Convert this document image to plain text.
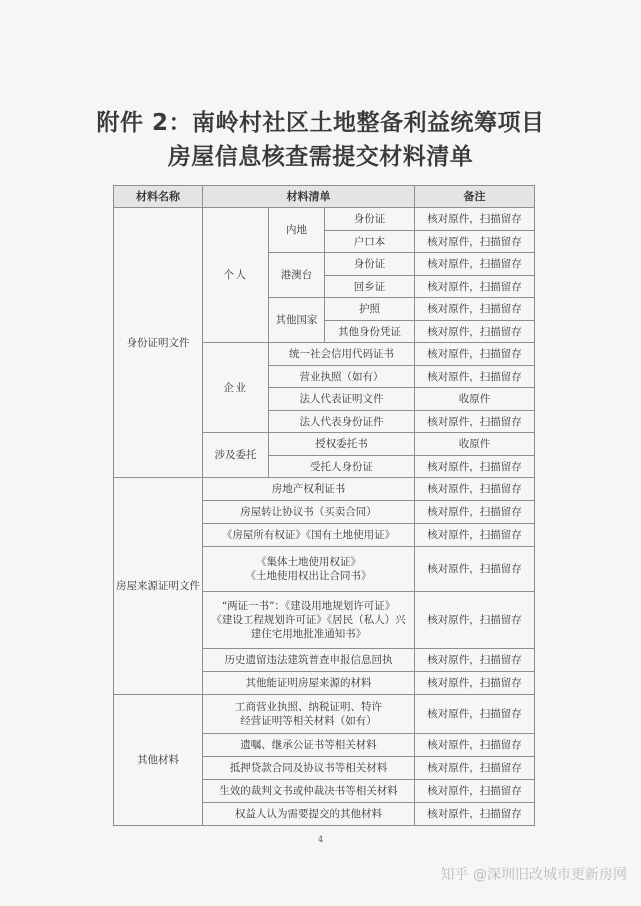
附件 2：南岭村社区土地整备利益统筹项目
房屋信息核查需提交材料清单
材料名称	材料清单			备注
身份证明文件	个人	内地	身份证	核对原件，扫描留存
			户口本	核对原件，扫描留存
		港澳台	身份证	核对原件，扫描留存
			回乡证	核对原件，扫描留存
		其他国家	护照	核对原件，扫描留存
			其他身份凭证	核对原件，扫描留存
	企业	统一社会信用代码证书		核对原件，扫描留存
		营业执照（如有）		核对原件，扫描留存
		法人代表证明文件		收原件
		法人代表身份证件		核对原件，扫描留存
	涉及委托	授权委托书		收原件
		受托人身份证		核对原件，扫描留存
房屋来源证明文件	房地产权利证书			核对原件，扫描留存
	房屋转让协议书（买卖合同）			核对原件，扫描留存
	《房屋所有权证》《国有土地使用证》			核对原件，扫描留存

	《集体土地使用权证》
《土地使用权出让合同书》			核对原件，扫描留存

	“两证一书”：《建设用地规划许可证》
《建设工程规划许可证》《居民（私人）兴
建住宅用地批准通知书》			核对原件，扫描留存
	历史遗留违法建筑普查申报信息回执			核对原件，扫描留存
	其他能证明房屋来源的材料			核对原件，扫描留存
其他材料	工商营业执照、纳税证明、特许
经营证明等相关材料（如有）			核对原件，扫描留存
	遗嘱、继承公证书等相关材料			核对原件，扫描留存
	抵押贷款合同及协议书等相关材料			核对原件，扫描留存
	生效的裁判文书或仲裁决书等相关材料			核对原件，扫描留存
	权益人认为需要提交的其他材料			核对原件，扫描留存
4
知乎 @深圳旧改城市更新房网
